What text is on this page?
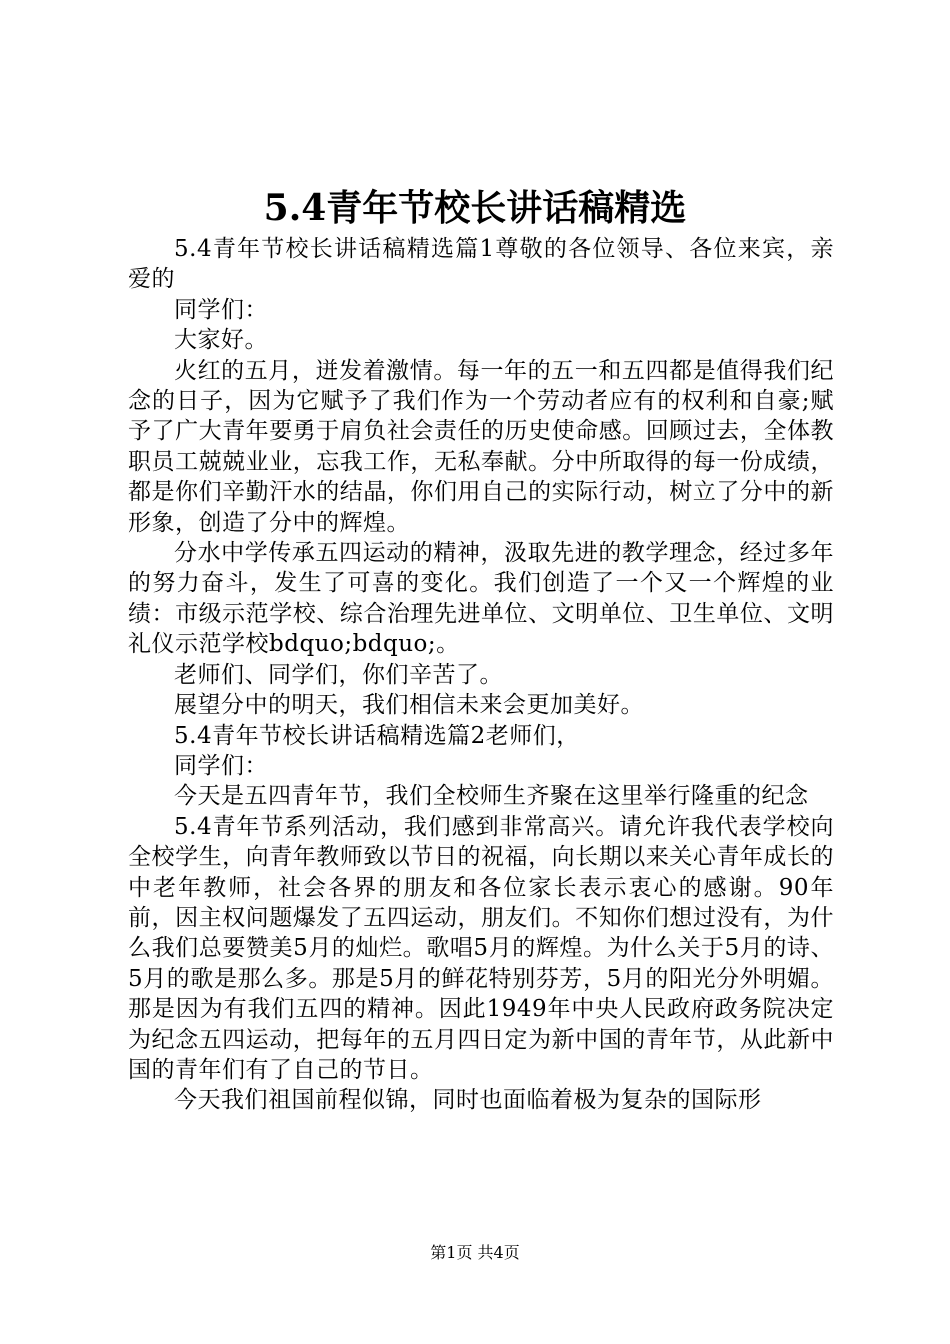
5.4青年节校长讲话稿精选

5.4青年节校长讲话稿精选篇1尊敬的各位领导、各位来宾，亲爱的

同学们：

大家好。

火红的五月，迸发着激情。每一年的五一和五四都是值得我们纪念的日子，因为它赋予了我们作为一个劳动者应有的权利和自豪;赋予了广大青年要勇于肩负社会责任的历史使命感。回顾过去，全体教职员工兢兢业业，忘我工作，无私奉献。分中所取得的每一份成绩，都是你们辛勤汗水的结晶，你们用自己的实际行动，树立了分中的新形象，创造了分中的辉煌。

分水中学传承五四运动的精神，汲取先进的教学理念，经过多年的努力奋斗，发生了可喜的变化。我们创造了一个又一个辉煌的业绩：市级示范学校、综合治理先进单位、文明单位、卫生单位、文明礼仪示范学校bdquo;bdquo;。

老师们、同学们，你们辛苦了。

展望分中的明天，我们相信未来会更加美好。

5.4青年节校长讲话稿精选篇2老师们，

同学们：

今天是五四青年节，我们全校师生齐聚在这里举行隆重的纪念

5.4青年节系列活动，我们感到非常高兴。请允许我代表学校向全校学生，向青年教师致以节日的祝福，向长期以来关心青年成长的中老年教师，社会各界的朋友和各位家长表示衷心的感谢。90年前，因主权问题爆发了五四运动，朋友们。不知你们想过没有，为什么我们总要赞美5月的灿烂。歌唱5月的辉煌。为什么关于5月的诗、5月的歌是那么多。那是5月的鲜花特别芬芳，5月的阳光分外明媚。那是因为有我们五四的精神。因此1949年中央人民政府政务院决定为纪念五四运动，把每年的五月四日定为新中国的青年节，从此新中国的青年们有了自己的节日。

今天我们祖国前程似锦，同时也面临着极为复杂的国际形

第1页 共4页
